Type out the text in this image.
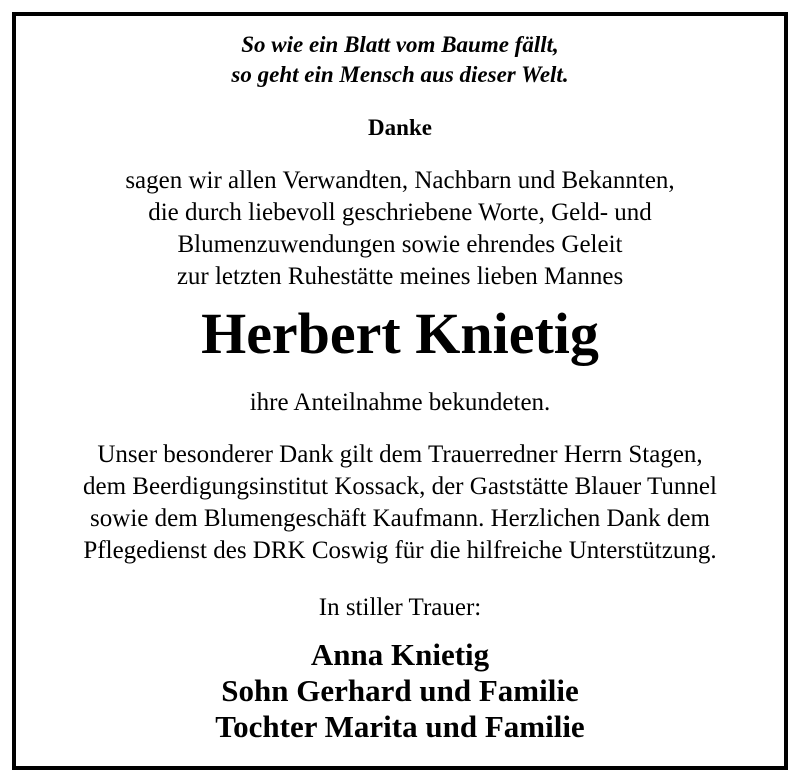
So wie ein Blatt vom Baume fällt,
so geht ein Mensch aus dieser Welt.
Danke
sagen wir allen Verwandten, Nachbarn und Bekannten,
die durch liebevoll geschriebene Worte, Geld- und
Blumenzuwendungen sowie ehrendes Geleit
zur letzten Ruhestätte meines lieben Mannes
Herbert Knietig
ihre Anteilnahme bekundeten.
Unser besonderer Dank gilt dem Trauerredner Herrn Stagen,
dem Beerdigungsinstitut Kossack, der Gaststätte Blauer Tunnel
sowie dem Blumengeschäft Kaufmann. Herzlichen Dank dem
Pflegedienst des DRK Coswig für die hilfreiche Unterstützung.
In stiller Trauer:
Anna Knietig
Sohn Gerhard und Familie
Tochter Marita und Familie
